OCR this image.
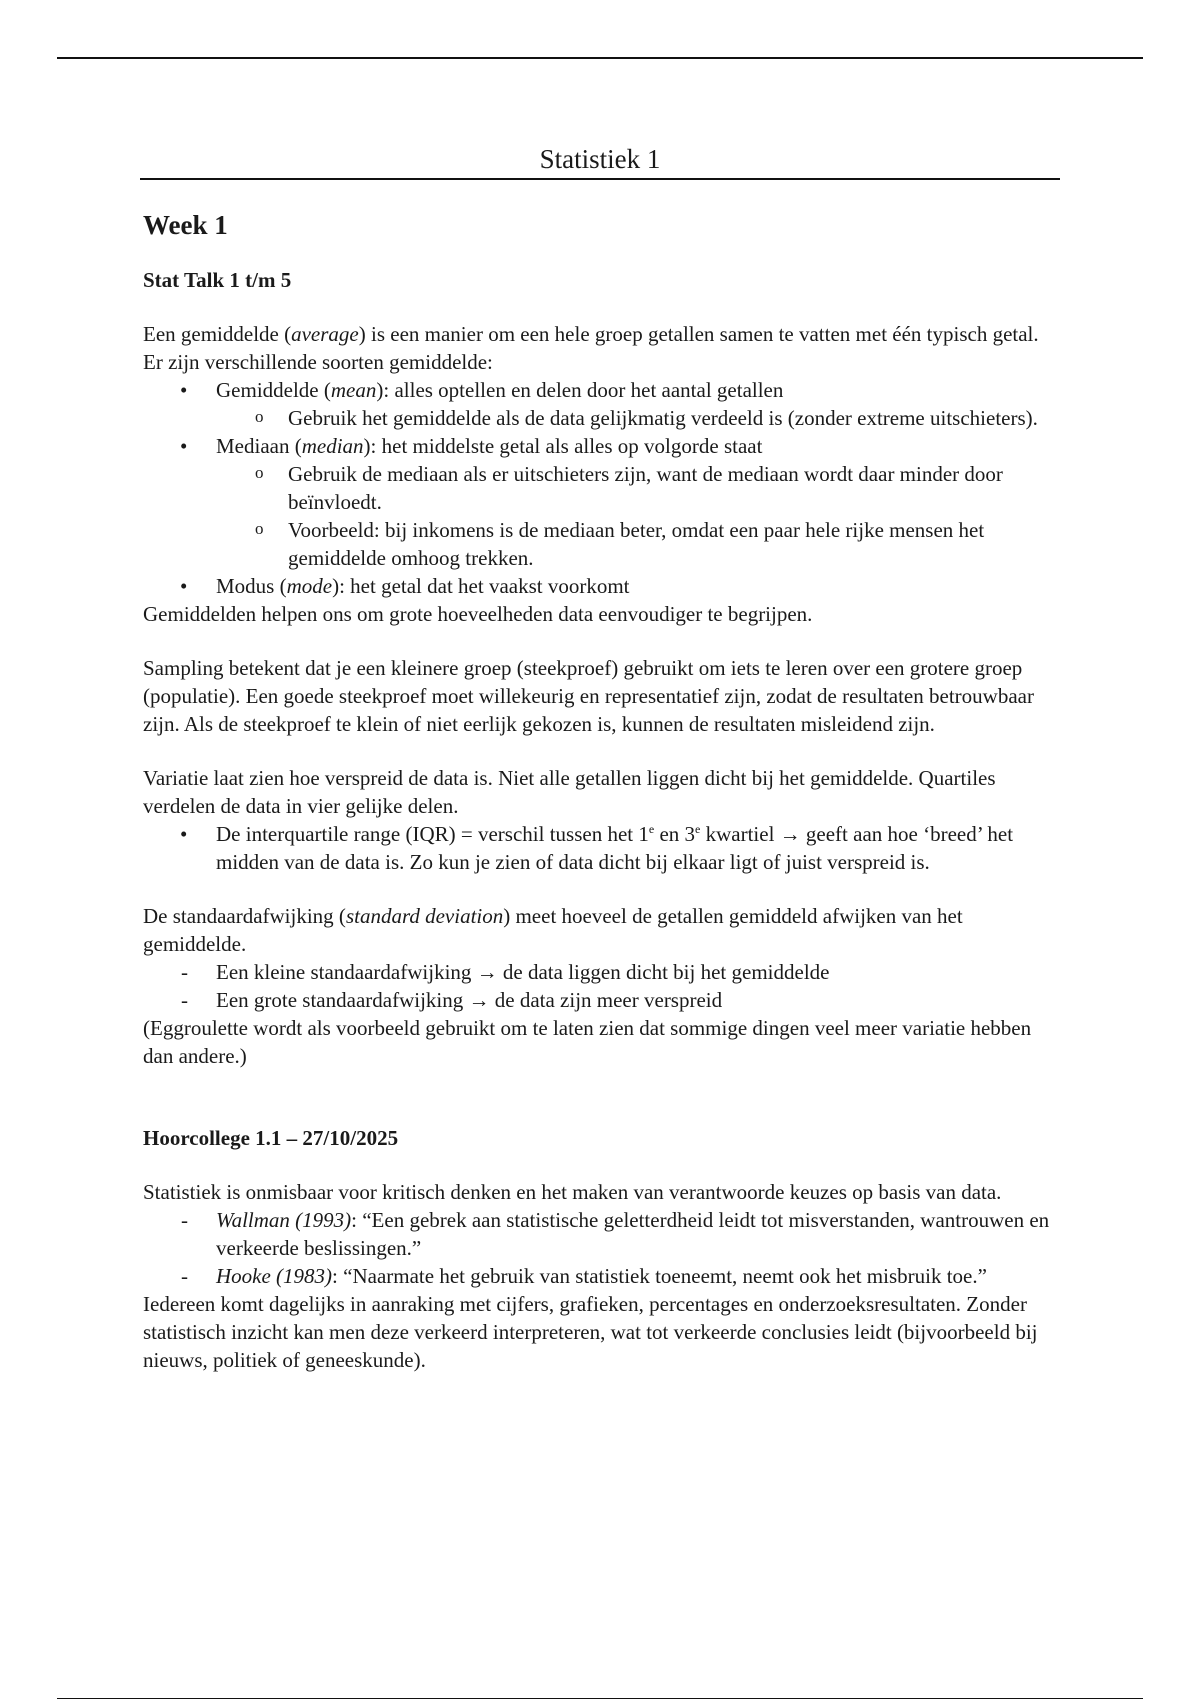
Statistiek 1
Week 1
Stat Talk 1 t/m 5

Een gemiddelde (average) is een manier om een hele groep getallen samen te vatten met één typisch getal. Er zijn verschillende soorten gemiddelde:

• Gemiddelde (mean): alles optellen en delen door het aantal getallen
o Gebruik het gemiddelde als de data gelijkmatig verdeeld is (zonder extreme uitschieters).
• Mediaan (median): het middelste getal als alles op volgorde staat
o Gebruik de mediaan als er uitschieters zijn, want de mediaan wordt daar minder door beïnvloedt.
o Voorbeeld: bij inkomens is de mediaan beter, omdat een paar hele rijke mensen het gemiddelde omhoog trekken.
• Modus (mode): het getal dat het vaakst voorkomt

Gemiddelden helpen ons om grote hoeveelheden data eenvoudiger te begrijpen.

Sampling betekent dat je een kleinere groep (steekproef) gebruikt om iets te leren over een grotere groep (populatie). Een goede steekproef moet willekeurig en representatief zijn, zodat de resultaten betrouwbaar zijn. Als de steekproef te klein of niet eerlijk gekozen is, kunnen de resultaten misleidend zijn.

Variatie laat zien hoe verspreid de data is. Niet alle getallen liggen dicht bij het gemiddelde. Quartiles verdelen de data in vier gelijke delen.

• De interquartile range (IQR) = verschil tussen het 1e en 3e kwartiel → geeft aan hoe ‘breed’ het midden van de data is. Zo kun je zien of data dicht bij elkaar ligt of juist verspreid is.

De standaardafwijking (standard deviation) meet hoeveel de getallen gemiddeld afwijken van het gemiddelde.

- Een kleine standaardafwijking → de data liggen dicht bij het gemiddelde
- Een grote standaardafwijking → de data zijn meer verspreid

(Eggroulette wordt als voorbeeld gebruikt om te laten zien dat sommige dingen veel meer variatie hebben dan andere.)

Hoorcollege 1.1 – 27/10/2025

Statistiek is onmisbaar voor kritisch denken en het maken van verantwoorde keuzes op basis van data.

- Wallman (1993): “Een gebrek aan statistische geletterdheid leidt tot misverstanden, wantrouwen en verkeerde beslissingen.”
- Hooke (1983): “Naarmate het gebruik van statistiek toeneemt, neemt ook het misbruik toe.”

Iedereen komt dagelijks in aanraking met cijfers, grafieken, percentages en onderzoeksresultaten. Zonder statistisch inzicht kan men deze verkeerd interpreteren, wat tot verkeerde conclusies leidt (bijvoorbeeld bij nieuws, politiek of geneeskunde).
